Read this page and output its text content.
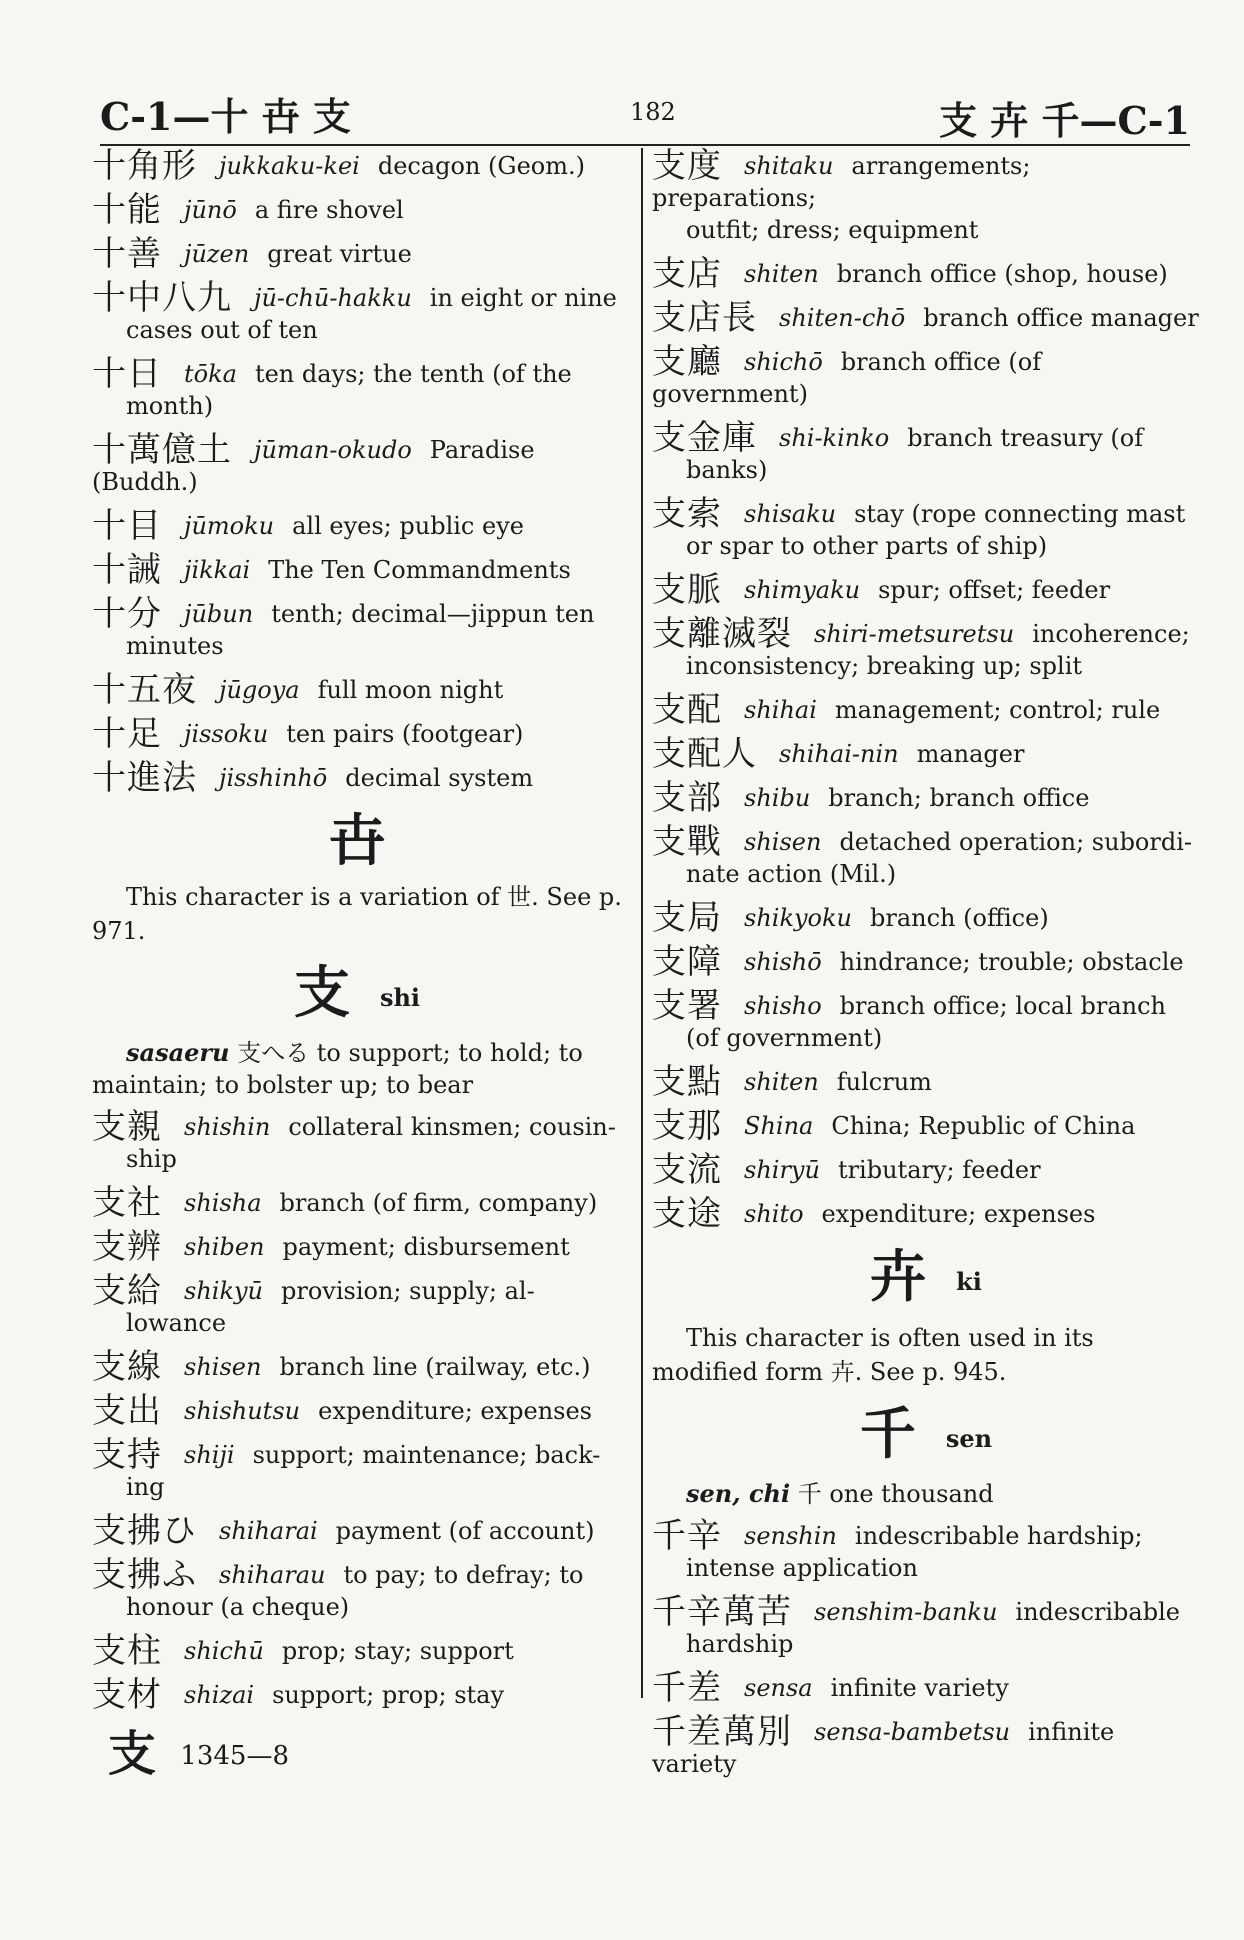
C-1—十 卋 支	182	支 卉 千—C-1
十角形 jukkaku-kei decagon (Geom.)
十能 jūnō a fire shovel
十善 jūzen great virtue
十中八九 jū-chū-hakku in eight or nine
cases out of ten
十日 tōka ten days; the tenth (of the
month)
十萬億土 jūman-okudo Paradise (Buddh.)
十目 jūmoku all eyes; public eye
十誡 jikkai The Ten Commandments
十分 jūbun tenth; decimal—jippun ten
minutes
十五夜 jūgoya full moon night
十足 jissoku ten pairs (footgear)
十進法 jisshinhō decimal system
卋

This character is a variation of 世. See p. 971.

支 shi

sasaeru 支へる to support; to hold; to maintain; to bolster up; to bear

支親 shishin collateral kinsmen; cousin-
ship
支社 shisha branch (of firm, company)
支辨 shiben payment; disbursement
支給 shikyū provision; supply; al-
lowance
支線 shisen branch line (railway, etc.)
支出 shishutsu expenditure; expenses
支持 shiji support; maintenance; back-
ing
支拂ひ shiharai payment (of account)
支拂ふ shiharau to pay; to defray; to
honour (a cheque)
支柱 shichū prop; stay; support
支材 shizai support; prop; stay
支度 shitaku arrangements; preparations;
outfit; dress; equipment
支店 shiten branch office (shop, house)
支店長 shiten-chō branch office manager
支廳 shichō branch office (of government)
支金庫 shi-kinko branch treasury (of
banks)
支索 shisaku stay (rope connecting mast
or spar to other parts of ship)
支脈 shimyaku spur; offset; feeder
支離滅裂 shiri-metsuretsu incoherence;
inconsistency; breaking up; split
支配 shihai management; control; rule
支配人 shihai-nin manager
支部 shibu branch; branch office
支戰 shisen detached operation; subordi-
nate action (Mil.)
支局 shikyoku branch (office)
支障 shishō hindrance; trouble; obstacle
支署 shisho branch office; local branch
(of government)
支點 shiten fulcrum
支那 Shina China; Republic of China
支流 shiryū tributary; feeder
支途 shito expenditure; expenses
卉 ki

This character is often used in its modified form 卉. See p. 945.

千 sen

sen, chi 千 one thousand

千辛 senshin indescribable hardship;
intense application
千辛萬苦 senshim-banku indescribable
hardship
千差 sensa infinite variety
千差萬別 sensa-bambetsu infinite variety
支 1345—8
